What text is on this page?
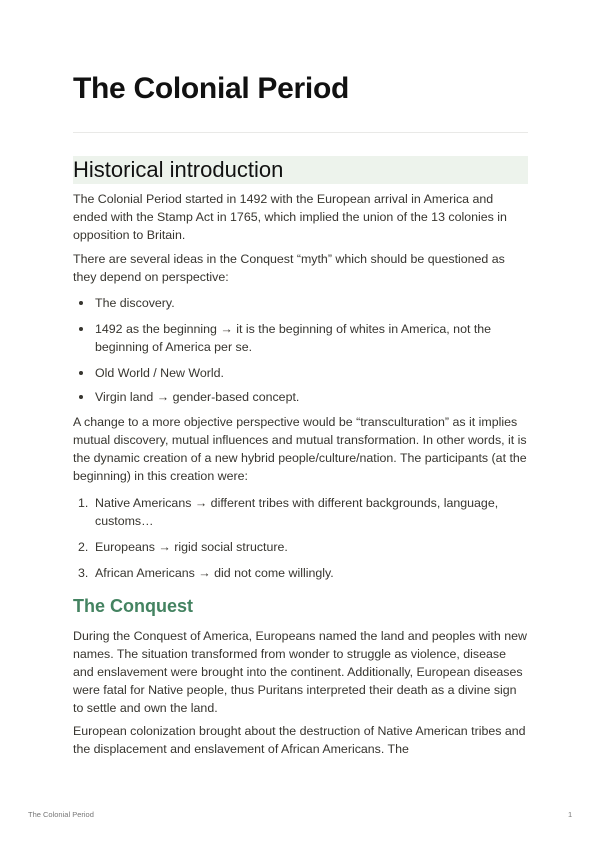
The Colonial Period
Historical introduction

The Colonial Period started in 1492 with the European arrival in America and ended with the Stamp Act in 1765, which implied the union of the 13 colonies in opposition to Britain.

There are several ideas in the Conquest “myth” which should be questioned as they depend on perspective:

The discovery.
1492 as the beginning → it is the beginning of whites in America, not the beginning of America per se.
Old World / New World.
Virgin land → gender-based concept.

A change to a more objective perspective would be “transculturation” as it implies mutual discovery, mutual influences and mutual transformation. In other words, it is the dynamic creation of a new hybrid people/culture/nation. The participants (at the beginning) in this creation were:

1. Native Americans → different tribes with different backgrounds, language, customs…
2. Europeans → rigid social structure.
3. African Americans → did not come willingly.
The Conquest

During the Conquest of America, Europeans named the land and peoples with new names. The situation transformed from wonder to struggle as violence, disease and enslavement were brought into the continent. Additionally, European diseases were fatal for Native people, thus Puritans interpreted their death as a divine sign to settle and own the land.

European colonization brought about the destruction of Native American tribes and the displacement and enslavement of African Americans. The

The Colonial Period	1
